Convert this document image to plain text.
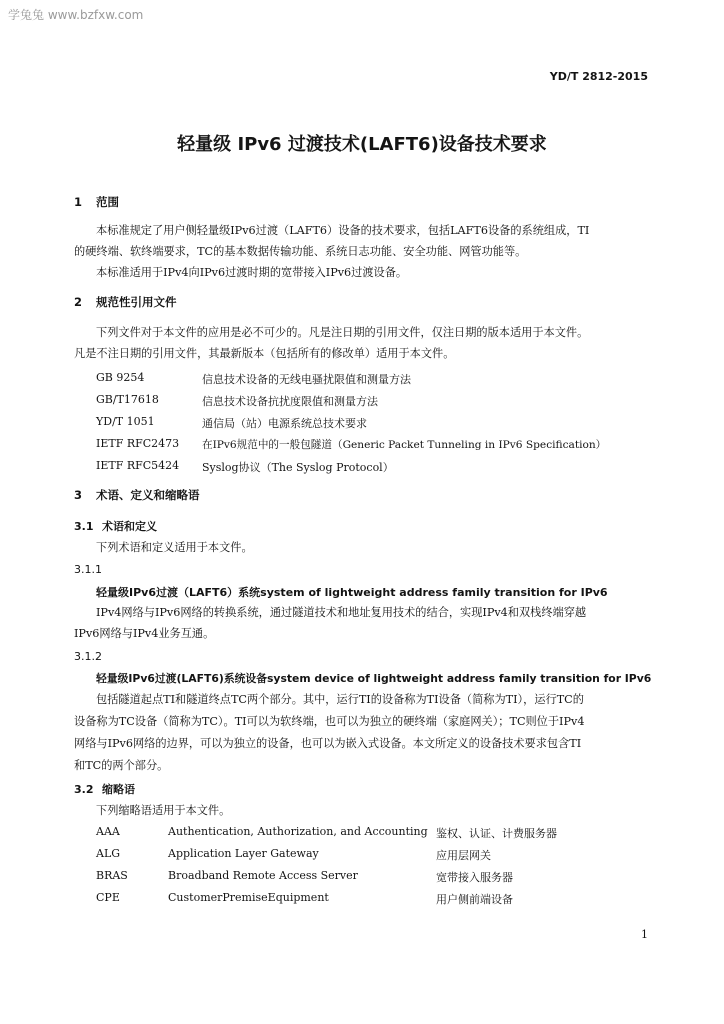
学兔兔 www.bzfxw.com
YD/T 2812-2015
轻量级 IPv6 过渡技术(LAFT6)设备技术要求
1 范围
本标准规定了用户侧轻量级IPv6过渡（LAFT6）设备的技术要求，包括LAFT6设备的系统组成，TI
的硬终端、软终端要求，TC的基本数据传输功能、系统日志功能、安全功能、网管功能等。
本标准适用于IPv4向IPv6过渡时期的宽带接入IPv6过渡设备。
2 规范性引用文件
下列文件对于本文件的应用是必不可少的。凡是注日期的引用文件，仅注日期的版本适用于本文件。
凡是不注日期的引用文件，其最新版本（包括所有的修改单）适用于本文件。
GB 9254	信息技术设备的无线电骚扰限值和测量方法
GB/T17618	信息技术设备抗扰度限值和测量方法
YD/T 1051	通信局（站）电源系统总技术要求
IETF RFC2473 在IPv6规范中的一般包隧道（Generic Packet Tunneling in IPv6 Specification）
IETF RFC5424 Syslog协议（The Syslog Protocol）
3 术语、定义和缩略语
3.1 术语和定义
下列术语和定义适用于本文件。
3.1.1
轻量级IPv6过渡（LAFT6）系统system of lightweight address family transition for IPv6
IPv4网络与IPv6网络的转换系统，通过隧道技术和地址复用技术的结合，实现IPv4和双栈终端穿越
IPv6网络与IPv4业务互通。
3.1.2
轻量级IPv6过渡(LAFT6)系统设备system device of lightweight address family transition for IPv6
包括隧道起点TI和隧道终点TC两个部分。其中，运行TI的设备称为TI设备（简称为TI），运行TC的
设备称为TC设备（简称为TC）。TI可以为软终端，也可以为独立的硬终端（家庭网关）；TC则位于IPv4
网络与IPv6网络的边界，可以为独立的设备，也可以为嵌入式设备。本文所定义的设备技术要求包含TI
和TC的两个部分。
3.2 缩略语
下列缩略语适用于本文件。
AAA	Authentication, Authorization, and Accounting 鉴权、认证、计费服务器
ALG	Application Layer Gateway	应用层网关
BRAS	Broadband Remote Access Server	宽带接入服务器
CPE	CustomerPremiseEquipment	用户侧前端设备
1
